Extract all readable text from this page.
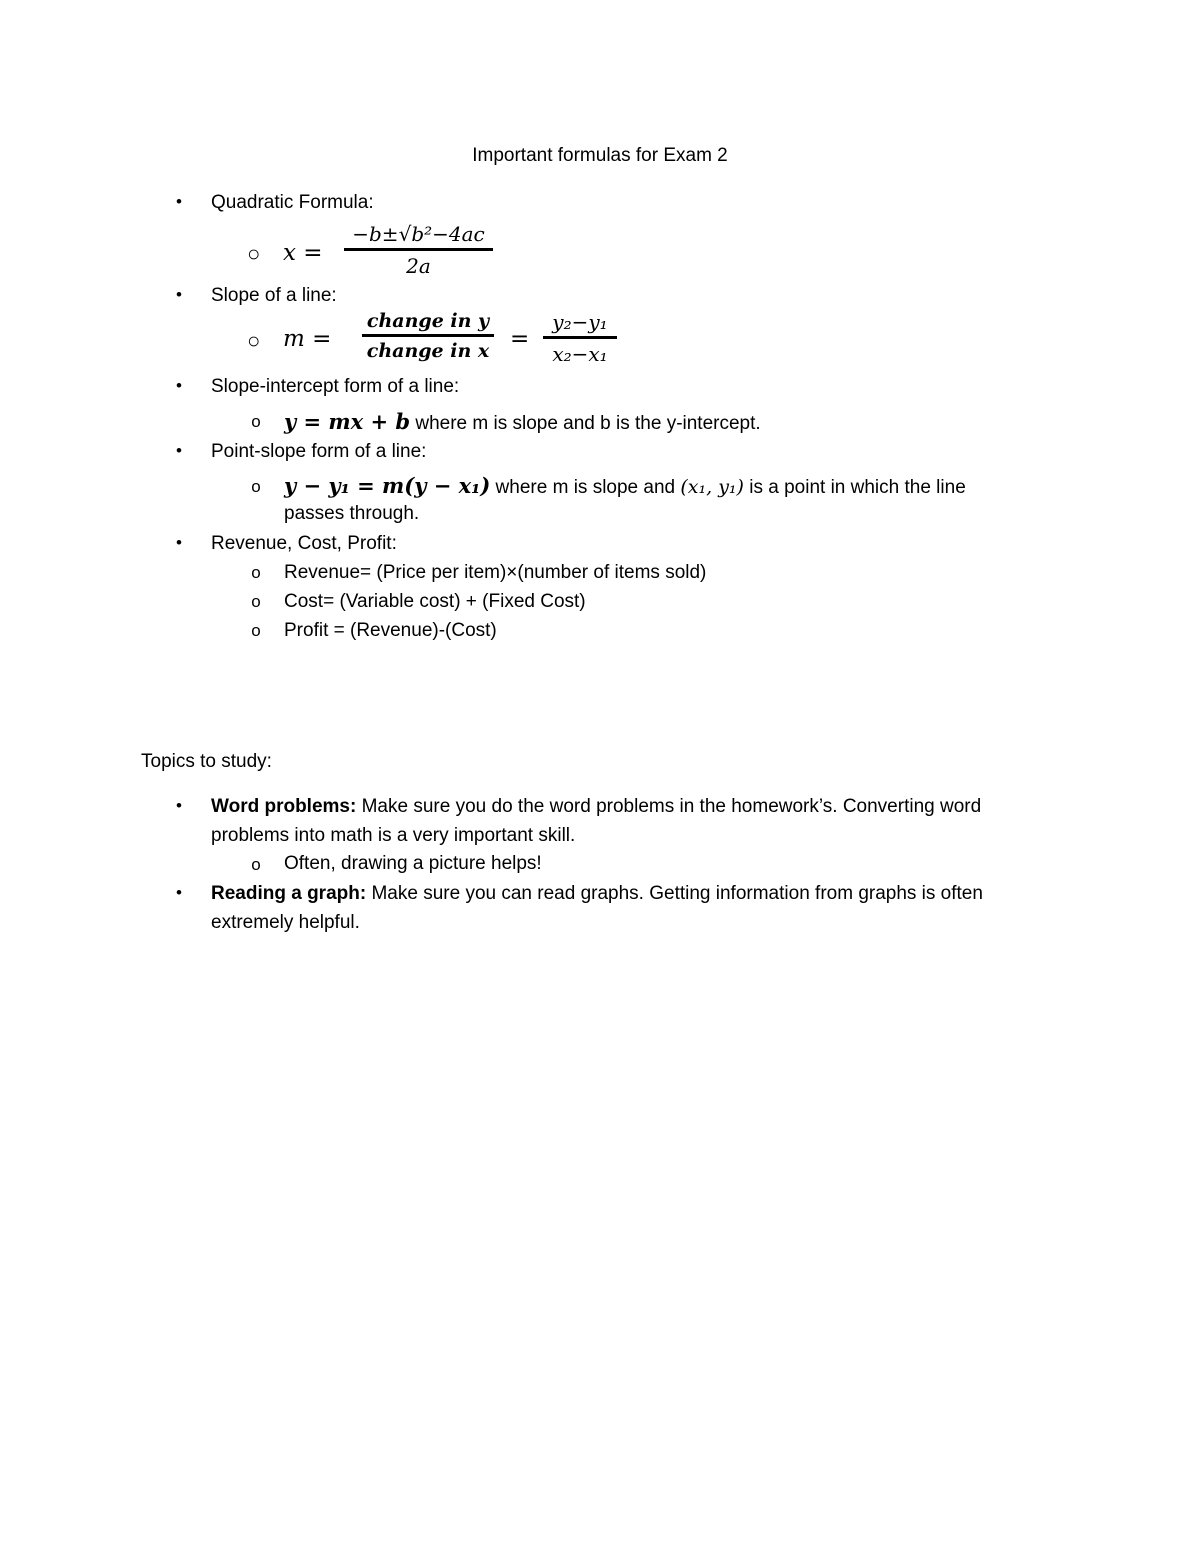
Important formulas for Exam 2
• Quadratic Formula:
○ x =
−b±√b²−4ac
2a
• Slope of a line:
○ m =
change in y
change in x =
y₂−y₁
x₂−x₁
• Slope-intercept form of a line:
o y = mx + b where m is slope and b is the y-intercept.
• Point-slope form of a line:
o y − y₁ = m(y − x₁) where m is slope and (x₁, y₁) is a point in which the line
passes through.
• Revenue, Cost, Profit:
o Revenue= (Price per item)×(number of items sold)
o Cost= (Variable cost) + (Fixed Cost)
o Profit = (Revenue)-(Cost)
Topics to study:
• Word problems: Make sure you do the word problems in the homework’s. Converting word
problems into math is a very important skill.
o Often, drawing a picture helps!
• Reading a graph: Make sure you can read graphs. Getting information from graphs is often
extremely helpful.
